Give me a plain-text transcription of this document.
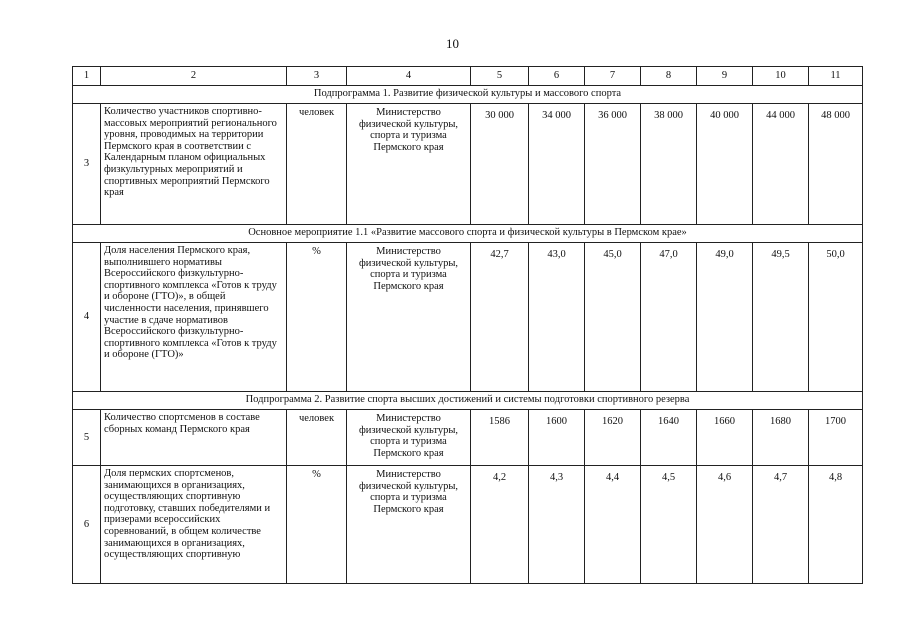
10
1	2	3	4	5	6	7	8	9	10	11
Подпрограмма 1. Развитие физической культуры и массового спорта										
3	Количество участников спортивно-массовых мероприятий регионального уровня, проводимых на территории Пермского края в соответствии с Календарным планом официальных физкультурных мероприятий и спортивных мероприятий Пермского края	человек	Министерство физической культуры, спорта и туризма Пермского края	30 000	34 000	36 000	38 000	40 000	44 000	48 000
Основное мероприятие 1.1 «Развитие массового спорта и физической культуры в Пермском крае»										
4	Доля населения Пермского края, выполнившего нормативы Всероссийского физкультурно-спортивного комплекса «Готов к труду и обороне (ГТО)», в общей численности населения, принявшего участие в сдаче нормативов Всероссийского физкультурно-спортивного комплекса «Готов к труду и обороне (ГТО)»	%	Министерство физической культуры, спорта и туризма Пермского края	42,7	43,0	45,0	47,0	49,0	49,5	50,0
Подпрограмма 2. Развитие спорта высших достижений и системы подготовки спортивного резерва										
5	Количество спортсменов в составе сборных команд Пермского края	человек	Министерство физической культуры, спорта и туризма Пермского края	1586	1600	1620	1640	1660	1680	1700
6	Доля пермских спортсменов, занимающихся в организациях, осуществляющих спортивную подготовку, ставших победителями и призерами всероссийских соревнований, в общем количестве занимающихся в организациях, осуществляющих спортивную	%	Министерство физической культуры, спорта и туризма Пермского края	4,2	4,3	4,4	4,5	4,6	4,7	4,8
